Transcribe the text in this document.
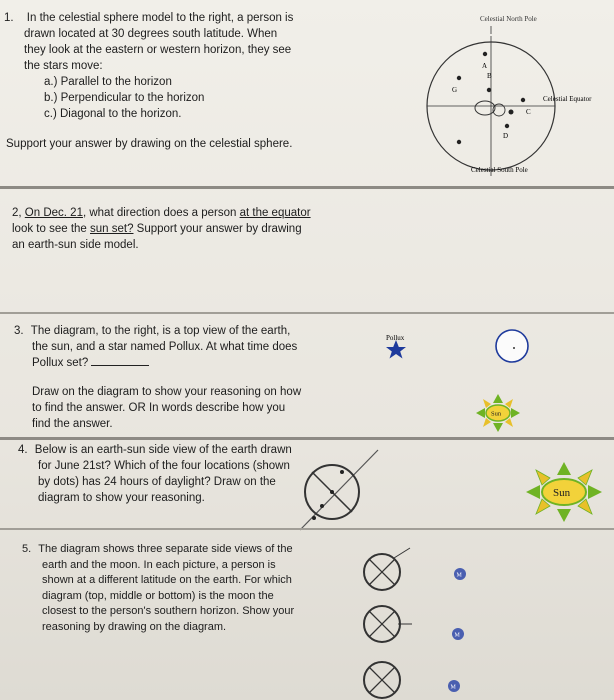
1. In the celestial sphere model to the right, a person is
drawn located at 30 degrees south latitude. When
they look at the eastern or western horizon, they see
the stars move:
a.) Parallel to the horizon
b.) Perpendicular to the horizon
c.) Diagonal to the horizon.
Support your answer by drawing on the celestial sphere.
Celestial North Pole
G
A
B
C
D
Celestial Equator
Celestial South Pole
2, On Dec. 21, what direction does a person at the equator
look to see the sun set? Support your answer by drawing
an earth-sun side model.
3. The diagram, to the right, is a top view of the earth,
the sun, and a star named Pollux. At what time does
Pollux set?
Draw on the diagram to show your reasoning on how
to find the answer. OR In words describe how you
find the answer.
Pollux
Sun
4. Below is an earth-sun side view of the earth drawn
for June 21st? Which of the four locations (shown
by dots) has 24 hours of daylight? Draw on the
diagram to show your reasoning.	Sun
5. The diagram shows three separate side views of the
earth and the moon. In each picture, a person is
shown at a different latitude on the earth. For which
diagram (top, middle or bottom) is the moon the
closest to the person's southern horizon. Show your
reasoning by drawing on the diagram.
M
M
M
